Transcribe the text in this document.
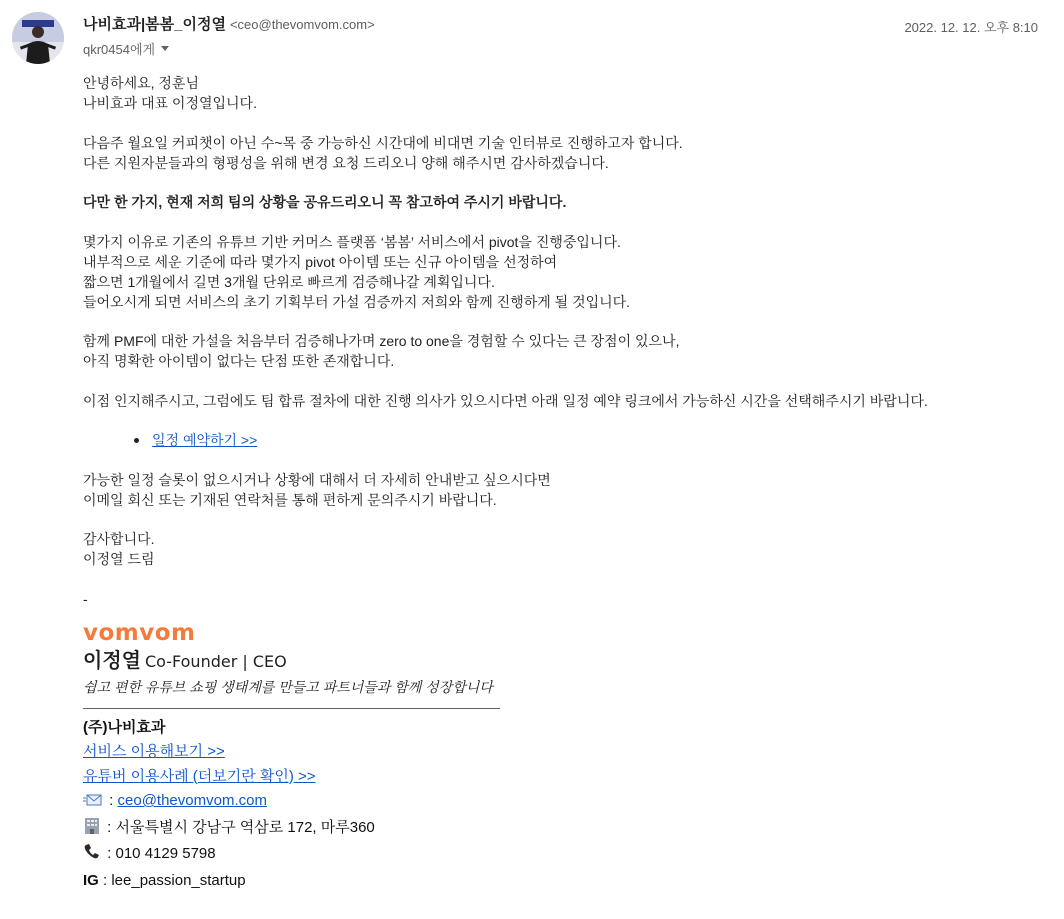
나비효과|봄봄_이정열 <ceo@thevomvom.com>
qkr0454에게
2022. 12. 12. 오후 8:10

안녕하세요, 정훈님

나비효과 대표 이정열입니다.

다음주 월요일 커피챗이 아닌 수~목 중 가능하신 시간대에 비대면 기술 인터뷰로 진행하고자 합니다.

다른 지원자분들과의 형평성을 위해 변경 요청 드리오니 양해 해주시면 감사하겠습니다.

다만 한 가지, 현재 저희 팀의 상황을 공유드리오니 꼭 참고하여 주시기 바랍니다.

몇가지 이유로 기존의 유튜브 기반 커머스 플랫폼 ‘봄봄’ 서비스에서 pivot을 진행중입니다.

내부적으로 세운 기준에 따라 몇가지 pivot 아이템 또는 신규 아이템을 선정하여

짧으면 1개월에서 길면 3개월 단위로 빠르게 검증해나갈 계획입니다.

들어오시게 되면 서비스의 초기 기획부터 가설 검증까지 저희와 함께 진행하게 될 것입니다.

함께 PMF에 대한 가설을 처음부터 검증해나가며 zero to one을 경험할 수 있다는 큰 장점이 있으나,

아직 명확한 아이템이 없다는 단점 또한 존재합니다.

이점 인지해주시고, 그럼에도 팀 합류 절차에 대한 진행 의사가 있으시다면 아래 일정 예약 링크에서 가능하신 시간을 선택해주시기 바랍니다.

일정 예약하기 >>

가능한 일정 슬롯이 없으시거나 상황에 대해서 더 자세히 안내받고 싶으시다면

이메일 회신 또는 기재된 연락처를 통해 편하게 문의주시기 바랍니다.

감사합니다.

이정열 드림

-

vomvom
이정열 Co-Founder | CEO
쉽고 편한 유튜브 쇼핑 생태계를 만들고 파트너들과 함께 성장합니다
————————————————————————————————
(주)나비효과
서비스 이용해보기 >>
유튜버 이용사례 (더보기란 확인) >>
: ceo@thevomvom.com
: 서울특별시 강남구 역삼로 172, 마루360
: 010 4129 5798
IG : lee_passion_startup
